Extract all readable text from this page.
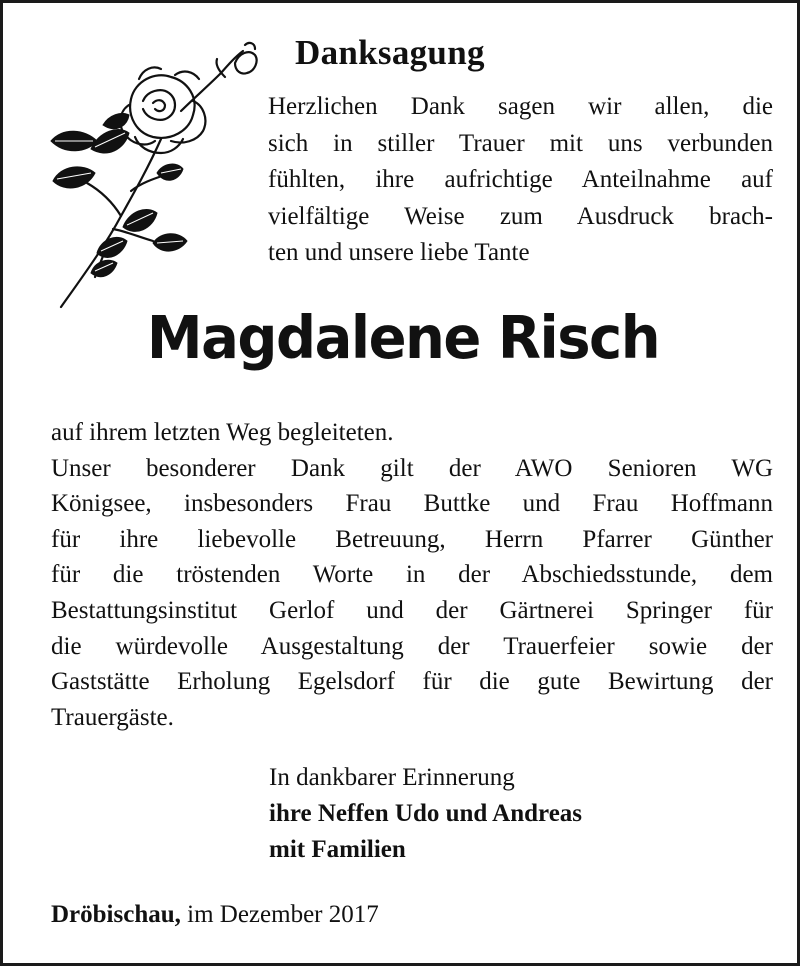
Danksagung
Herzlichen Dank sagen wir allen, die
sich in stiller Trauer mit uns verbunden
fühlten, ihre aufrichtige Anteilnahme auf
vielfältige Weise zum Ausdruck brach-
ten und unsere liebe Tante
Magdalene Risch
auf ihrem letzten Weg begleiteten.
Unser besonderer Dank gilt der AWO Senioren WG
Königsee, insbesonders Frau Buttke und Frau Hoffmann
für ihre liebevolle Betreuung, Herrn Pfarrer Günther
für die tröstenden Worte in der Abschiedsstunde, dem
Bestattungsinstitut Gerlof und der Gärtnerei Springer für
die würdevolle Ausgestaltung der Trauerfeier sowie der
Gaststätte Erholung Egelsdorf für die gute Bewirtung der
Trauergäste.
In dankbarer Erinnerung
ihre Neffen Udo und Andreas
mit Familien
Dröbischau, im Dezember 2017
